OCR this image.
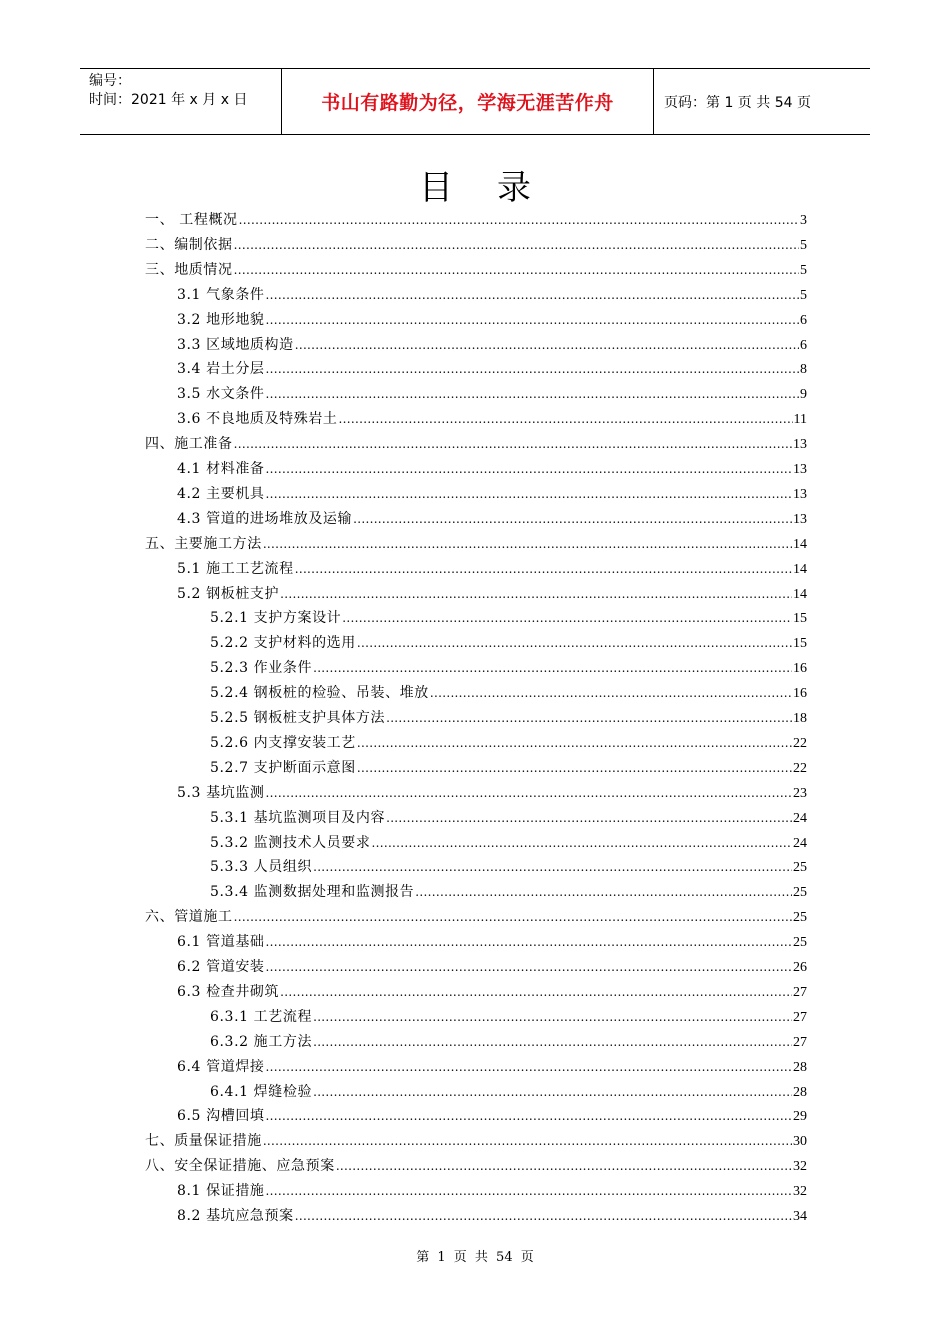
编号：
时间：2021 年 x 月 x 日	书山有路勤为径，学海无涯苦作舟	页码：第 1 页 共 54 页
目录
一、 工程概况 .....	3
二、编制依据 .....	5
三、地质情况 .....	5
3.1 气象条件 .....	5
3.2 地形地貌 .....	6
3.3 区域地质构造 .....	6
3.4 岩土分层 .....	8
3.5 水文条件 .....	9
3.6 不良地质及特殊岩土 .....	11
四、施工准备 .....	13
4.1 材料准备 .....	13
4.2 主要机具 .....	13
4.3 管道的进场堆放及运输 .....	13
五、主要施工方法 .....	14
5.1 施工工艺流程 .....	14
5.2 钢板桩支护 .....	14
5.2.1 支护方案设计 .....	15
5.2.2 支护材料的选用 .....	15
5.2.3 作业条件 .....	16
5.2.4 钢板桩的检验、吊装、堆放 .....	16
5.2.5 钢板桩支护具体方法 .....	18
5.2.6 内支撑安装工艺 .....	22
5.2.7 支护断面示意图 .....	22
5.3 基坑监测 .....	23
5.3.1 基坑监测项目及内容 .....	24
5.3.2 监测技术人员要求 .....	24
5.3.3 人员组织 .....	25
5.3.4 监测数据处理和监测报告 .....	25
六、管道施工 .....	25
6.1 管道基础 .....	25
6.2 管道安装 .....	26
6.3 检查井砌筑 .....	27
6.3.1 工艺流程 .....	27
6.3.2 施工方法 .....	27
6.4 管道焊接 .....	28
6.4.1 焊缝检验 .....	28
6.5 沟槽回填 .....	29
七、质量保证措施 .....	30
八、安全保证措施、应急预案 .....	32
8.1 保证措施 .....	32
8.2 基坑应急预案 .....	34
第 1 页 共 54 页
